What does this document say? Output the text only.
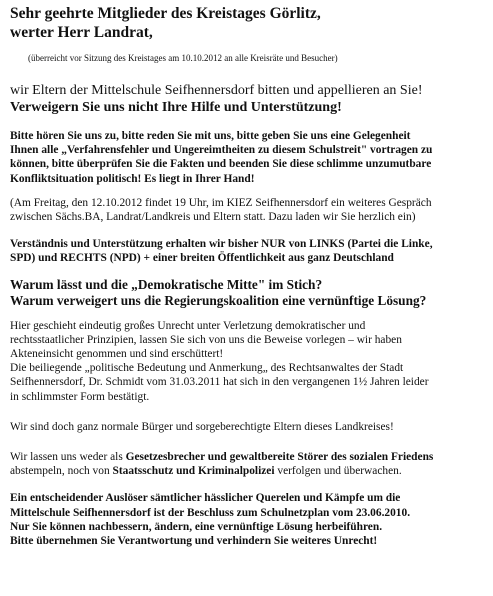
Sehr geehrte Mitglieder des Kreistages Görlitz,
werter Herr Landrat,
(überreicht vor Sitzung des Kreistages am 10.10.2012 an alle Kreisräte und Besucher)
wir Eltern der Mittelschule Seifhennersdorf bitten und appellieren an Sie!
Verweigern Sie uns nicht Ihre Hilfe und Unterstützung!
Bitte hören Sie uns zu, bitte reden Sie mit uns, bitte geben Sie uns eine Gelegenheit
Ihnen alle „Verfahrensfehler und Ungereimtheiten zu diesem Schulstreit" vortragen zu
können, bitte überprüfen Sie die Fakten und beenden Sie diese schlimme unzumutbare
Konfliktsituation politisch! Es liegt in Ihrer Hand!
(Am Freitag, den 12.10.2012 findet 19 Uhr, im KIEZ Seifhennersdorf ein weiteres Gespräch
zwischen Sächs.BA, Landrat/Landkreis und Eltern statt. Dazu laden wir Sie herzlich ein)
Verständnis und Unterstützung erhalten wir bisher NUR von LINKS (Partei die Linke,
SPD) und RECHTS (NPD) + einer breiten Öffentlichkeit aus ganz Deutschland
Warum lässt und die „Demokratische Mitte" im Stich?
Warum verweigert uns die Regierungskoalition eine vernünftige Lösung?
Hier geschieht eindeutig großes Unrecht unter Verletzung demokratischer und
rechtsstaatlicher Prinzipien, lassen Sie sich von uns die Beweise vorlegen – wir haben
Akteneinsicht genommen und sind erschüttert!
Die beiliegende „politische Bedeutung und Anmerkung„ des Rechtsanwaltes der Stadt
Seifhennersdorf, Dr. Schmidt vom 31.03.2011 hat sich in den vergangenen 1½ Jahren leider
in schlimmster Form bestätigt.
Wir sind doch ganz normale Bürger und sorgeberechtigte Eltern dieses Landkreises!
Wir lassen uns weder als Gesetzesbrecher und gewaltbereite Störer des sozialen Friedens
abstempeln, noch von Staatsschutz und Kriminalpolizei verfolgen und überwachen.
Ein entscheidender Auslöser sämtlicher hässlicher Querelen und Kämpfe um die
Mittelschule Seifhennersdorf ist der Beschluss zum Schulnetzplan vom 23.06.2010.
Nur Sie können nachbessern, ändern, eine vernünftige Lösung herbeiführen.
Bitte übernehmen Sie Verantwortung und verhindern Sie weiteres Unrecht!
